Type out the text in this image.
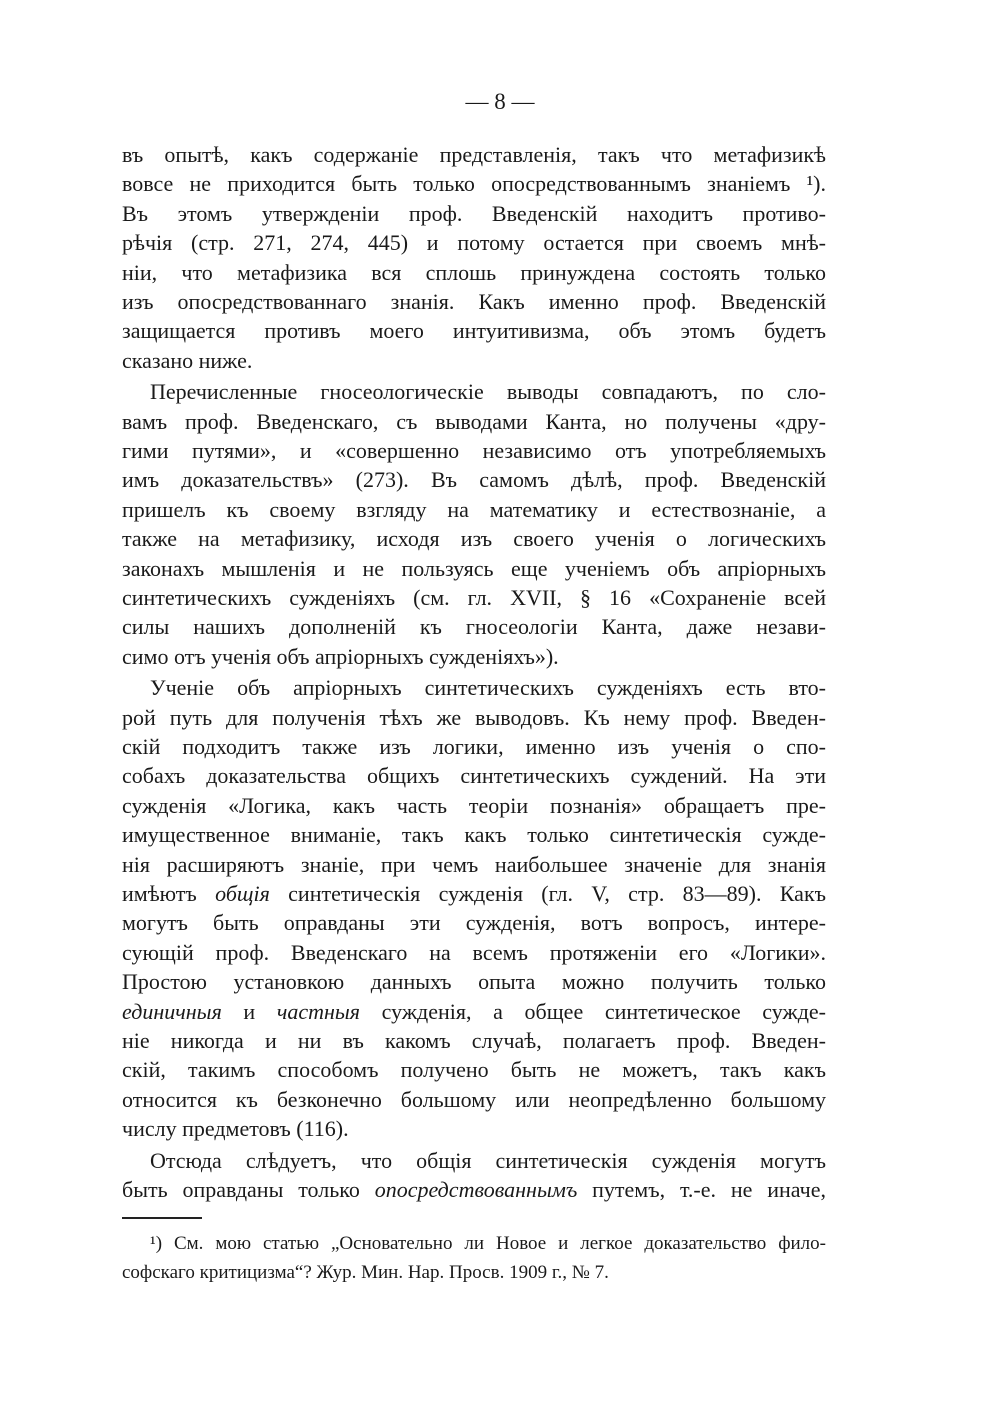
— 8 —
въ опытѣ, какъ содержаніе представленія, такъ что метафизикѣ
вовсе не приходится быть только опосредствованнымъ знаніемъ ¹).
Въ этомъ утвержденіи проф. Введенскій находитъ противо-
рѣчія (стр. 271, 274, 445) и потому остается при своемъ мнѣ-
ніи, что метафизика вся сплошь принуждена состоять только
изъ опосредствованнаго знанія. Какъ именно проф. Введенскій
защищается противъ моего интуитивизма, объ этомъ будетъ
сказано ниже.
Перечисленные гносеологическіе выводы совпадаютъ, по сло-
вамъ проф. Введенскаго, съ выводами Канта, но получены «дру-
гими путями», и «совершенно независимо отъ употребляемыхъ
имъ доказательствъ» (273). Въ самомъ дѣлѣ, проф. Введенскій
пришелъ къ своему взгляду на математику и естествознаніе, а
также на метафизику, исходя изъ своего ученія о логическихъ
законахъ мышленія и не пользуясь еще ученіемъ объ апріорныхъ
синтетическихъ сужденіяхъ (см. гл. XVII, § 16 «Сохраненіе всей
силы нашихъ дополненій къ гносеологіи Канта, даже незави-
симо отъ ученія объ апріорныхъ сужденіяхъ»).
Ученіе объ апріорныхъ синтетическихъ сужденіяхъ есть вто-
рой путь для полученія тѣхъ же выводовъ. Къ нему проф. Введен-
скій подходитъ также изъ логики, именно изъ ученія о спо-
собахъ доказательства общихъ синтетическихъ суждений. На эти
сужденія «Логика, какъ часть теоріи познанія» обращаетъ пре-
имущественное вниманіе, такъ какъ только синтетическія сужде-
нія расширяютъ знаніе, при чемъ наибольшее значеніе для знанія
имѣютъ общія синтетическія сужденія (гл. V, стр. 83—89). Какъ
могутъ быть оправданы эти сужденія, вотъ вопросъ, интере-
сующій проф. Введенскаго на всемъ протяженіи его «Логики».
Простою установкою данныхъ опыта можно получить только
единичныя и частныя сужденія, а общее синтетическое сужде-
ніе никогда и ни въ какомъ случаѣ, полагаетъ проф. Введен-
скій, такимъ способомъ получено быть не можетъ, такъ какъ
относится къ безконечно большому или неопредѣленно большому
числу предметовъ (116).
Отсюда слѣдуетъ, что общія синтетическія сужденія могутъ
быть оправданы только опосредствованнымъ путемъ, т.-е. не иначе,
¹) См. мою статью „Основательно ли Новое и легкое доказательство фило-
софскаго критицизма“? Жур. Мин. Нар. Просв. 1909 г., № 7.
